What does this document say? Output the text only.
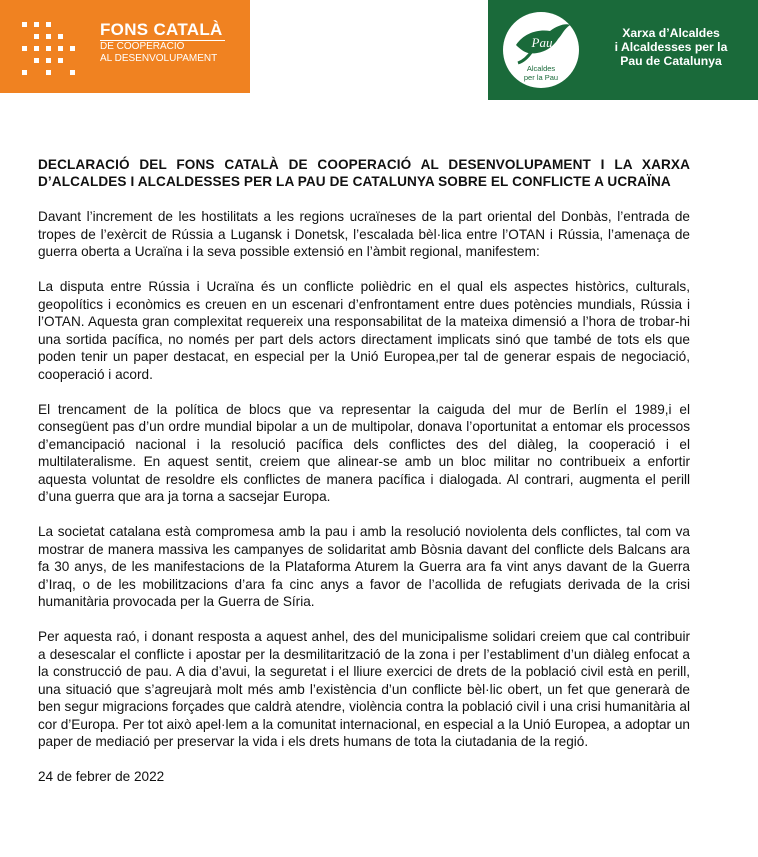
FONS CATALÀ
DE COOPERACIÓ
AL DESENVOLUPAMENT
Pau
Alcaldes
per la Pau
Xarxa d’Alcaldes
i Alcaldesses per la
Pau de Catalunya
DECLARACIÓ DEL FONS CATALÀ DE COOPERACIÓ AL DESENVOLUPAMENT I LA XARXA D’ALCALDES I ALCALDESSES PER LA PAU DE CATALUNYA SOBRE EL CONFLICTE A UCRAÏNA

Davant l’increment de les hostilitats a les regions ucraïneses de la part oriental del Donbàs, l’entrada de tropes de l’exèrcit de Rússia a Lugansk i Donetsk, l’escalada bèl·lica entre l’OTAN i Rússia, l’amenaça de guerra oberta a Ucraïna i la seva possible extensió en l’àmbit regional, manifestem:

La disputa entre Rússia i Ucraïna és un conflicte polièdric en el qual els aspectes històrics, culturals, geopolítics i econòmics es creuen en un escenari d’enfrontament entre dues potències mundials, Rússia i l’OTAN. Aquesta gran complexitat requereix una responsabilitat de la mateixa dimensió a l’hora de trobar-hi una sortida pacífica, no només per part dels actors directament implicats sinó que també de tots els que poden tenir un paper destacat, en especial per la Unió Europea,per tal de generar espais de negociació, cooperació i acord.

El trencament de la política de blocs que va representar la caiguda del mur de Berlín el 1989,i el consegüent pas d’un ordre mundial bipolar a un de multipolar, donava l’oportunitat a entomar els processos d’emancipació nacional i la resolució pacífica dels conflictes des del diàleg, la cooperació i el multilateralisme. En aquest sentit, creiem que alinear-se amb un bloc militar no contribueix a enfortir aquesta voluntat de resoldre els conflictes de manera pacífica i dialogada. Al contrari, augmenta el perill d’una guerra que ara ja torna a sacsejar Europa.

La societat catalana està compromesa amb la pau i amb la resolució noviolenta dels conflictes, tal com va mostrar de manera massiva les campanyes de solidaritat amb Bòsnia davant del conflicte dels Balcans ara fa 30 anys, de les manifestacions de la Plataforma Aturem la Guerra ara fa vint anys davant de la Guerra d’Iraq, o de les mobilitzacions d’ara fa cinc anys a favor de l’acollida de refugiats derivada de la crisi humanitària provocada per la Guerra de Síria.

Per aquesta raó, i donant resposta a aquest anhel, des del municipalisme solidari creiem que cal contribuir a desescalar el conflicte i apostar per la desmilitarització de la zona i per l’establiment d’un diàleg enfocat a la construcció de pau. A dia d’avui, la seguretat i el lliure exercici de drets de la població civil està en perill, una situació que s’agreujarà molt més amb l’existència d’un conflicte bèl·lic obert, un fet que generarà de ben segur migracions forçades que caldrà atendre, violència contra la població civil i una crisi humanitària al cor d’Europa. Per tot això apel·lem a la comunitat internacional, en especial a la Unió Europea, a adoptar un paper de mediació per preservar la vida i els drets humans de tota la ciutadania de la regió.

24 de febrer de 2022
